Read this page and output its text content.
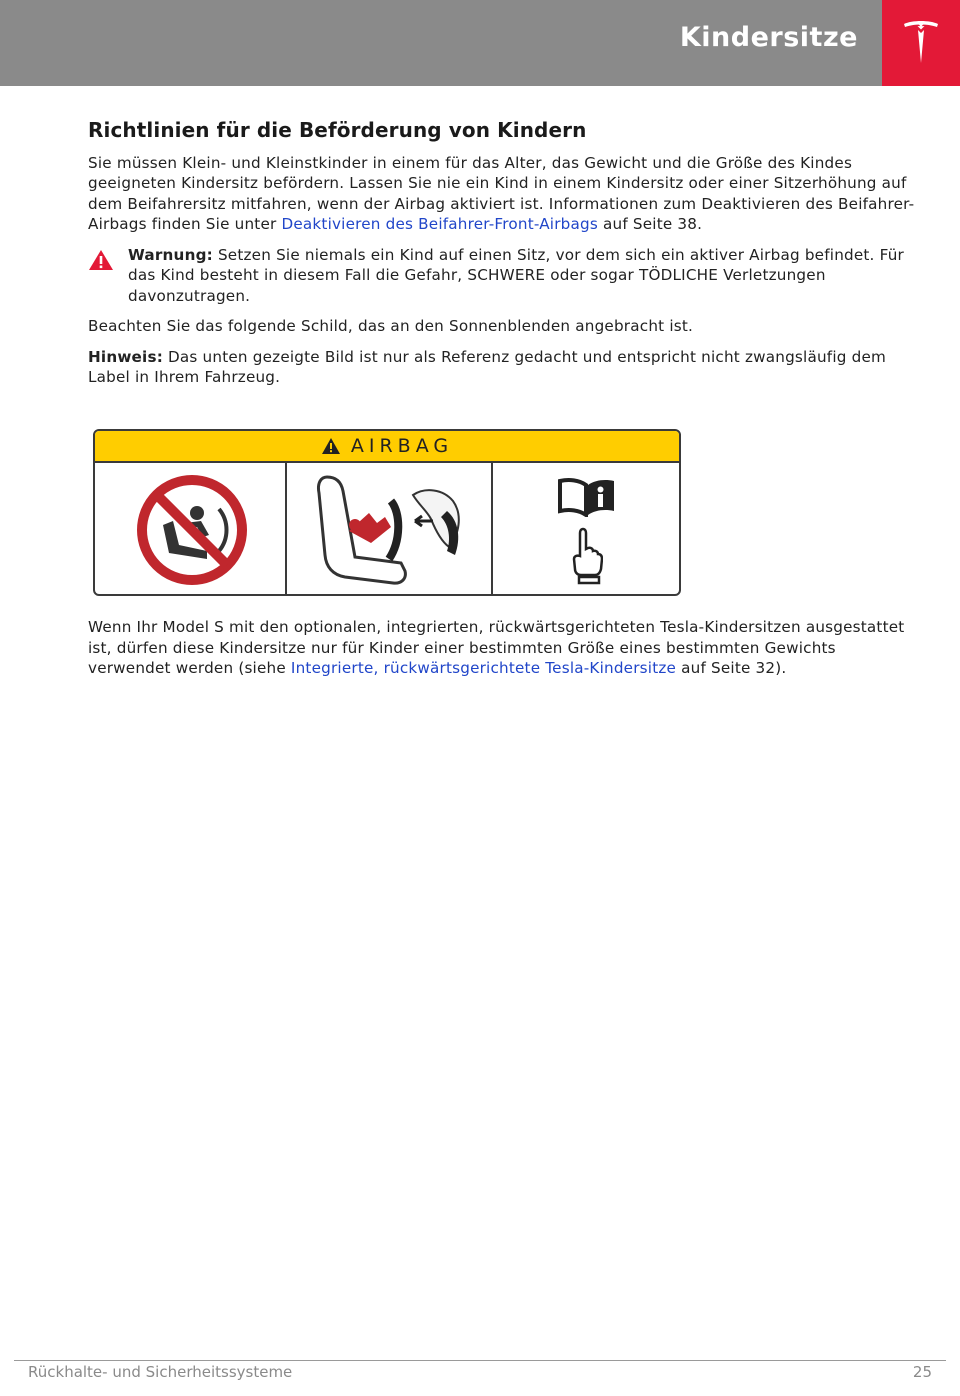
Kindersitze
Richtlinien für die Beförderung von Kindern

Sie müssen Klein- und Kleinstkinder in einem für das Alter, das Gewicht und die Größe des Kindes geeigneten Kindersitz befördern. Lassen Sie nie ein Kind in einem Kindersitz oder einer Sitzerhöhung auf dem Beifahrersitz mitfahren, wenn der Airbag aktiviert ist. Informationen zum Deaktivieren des Beifahrer-Airbags finden Sie unter Deaktivieren des Beifahrer-Front-Airbags auf Seite 38.

Warnung: Setzen Sie niemals ein Kind auf einen Sitz, vor dem sich ein aktiver Airbag befindet. Für das Kind besteht in diesem Fall die Gefahr, SCHWERE oder sogar TÖDLICHE Verletzungen davonzutragen.

Beachten Sie das folgende Schild, das an den Sonnenblenden angebracht ist.

Hinweis: Das unten gezeigte Bild ist nur als Referenz gedacht und entspricht nicht zwangsläufig dem Label in Ihrem Fahrzeug.

AIRBAG
Wenn Ihr Model S mit den optionalen, integrierten, rückwärtsgerichteten Tesla-Kindersitzen ausgestattet ist, dürfen diese Kindersitze nur für Kinder einer bestimmten Größe eines bestimmten Gewichts verwendet werden (siehe Integrierte, rückwärtsgerichtete Tesla-Kindersitze auf Seite 32).
Rückhalte- und Sicherheitssysteme	25
